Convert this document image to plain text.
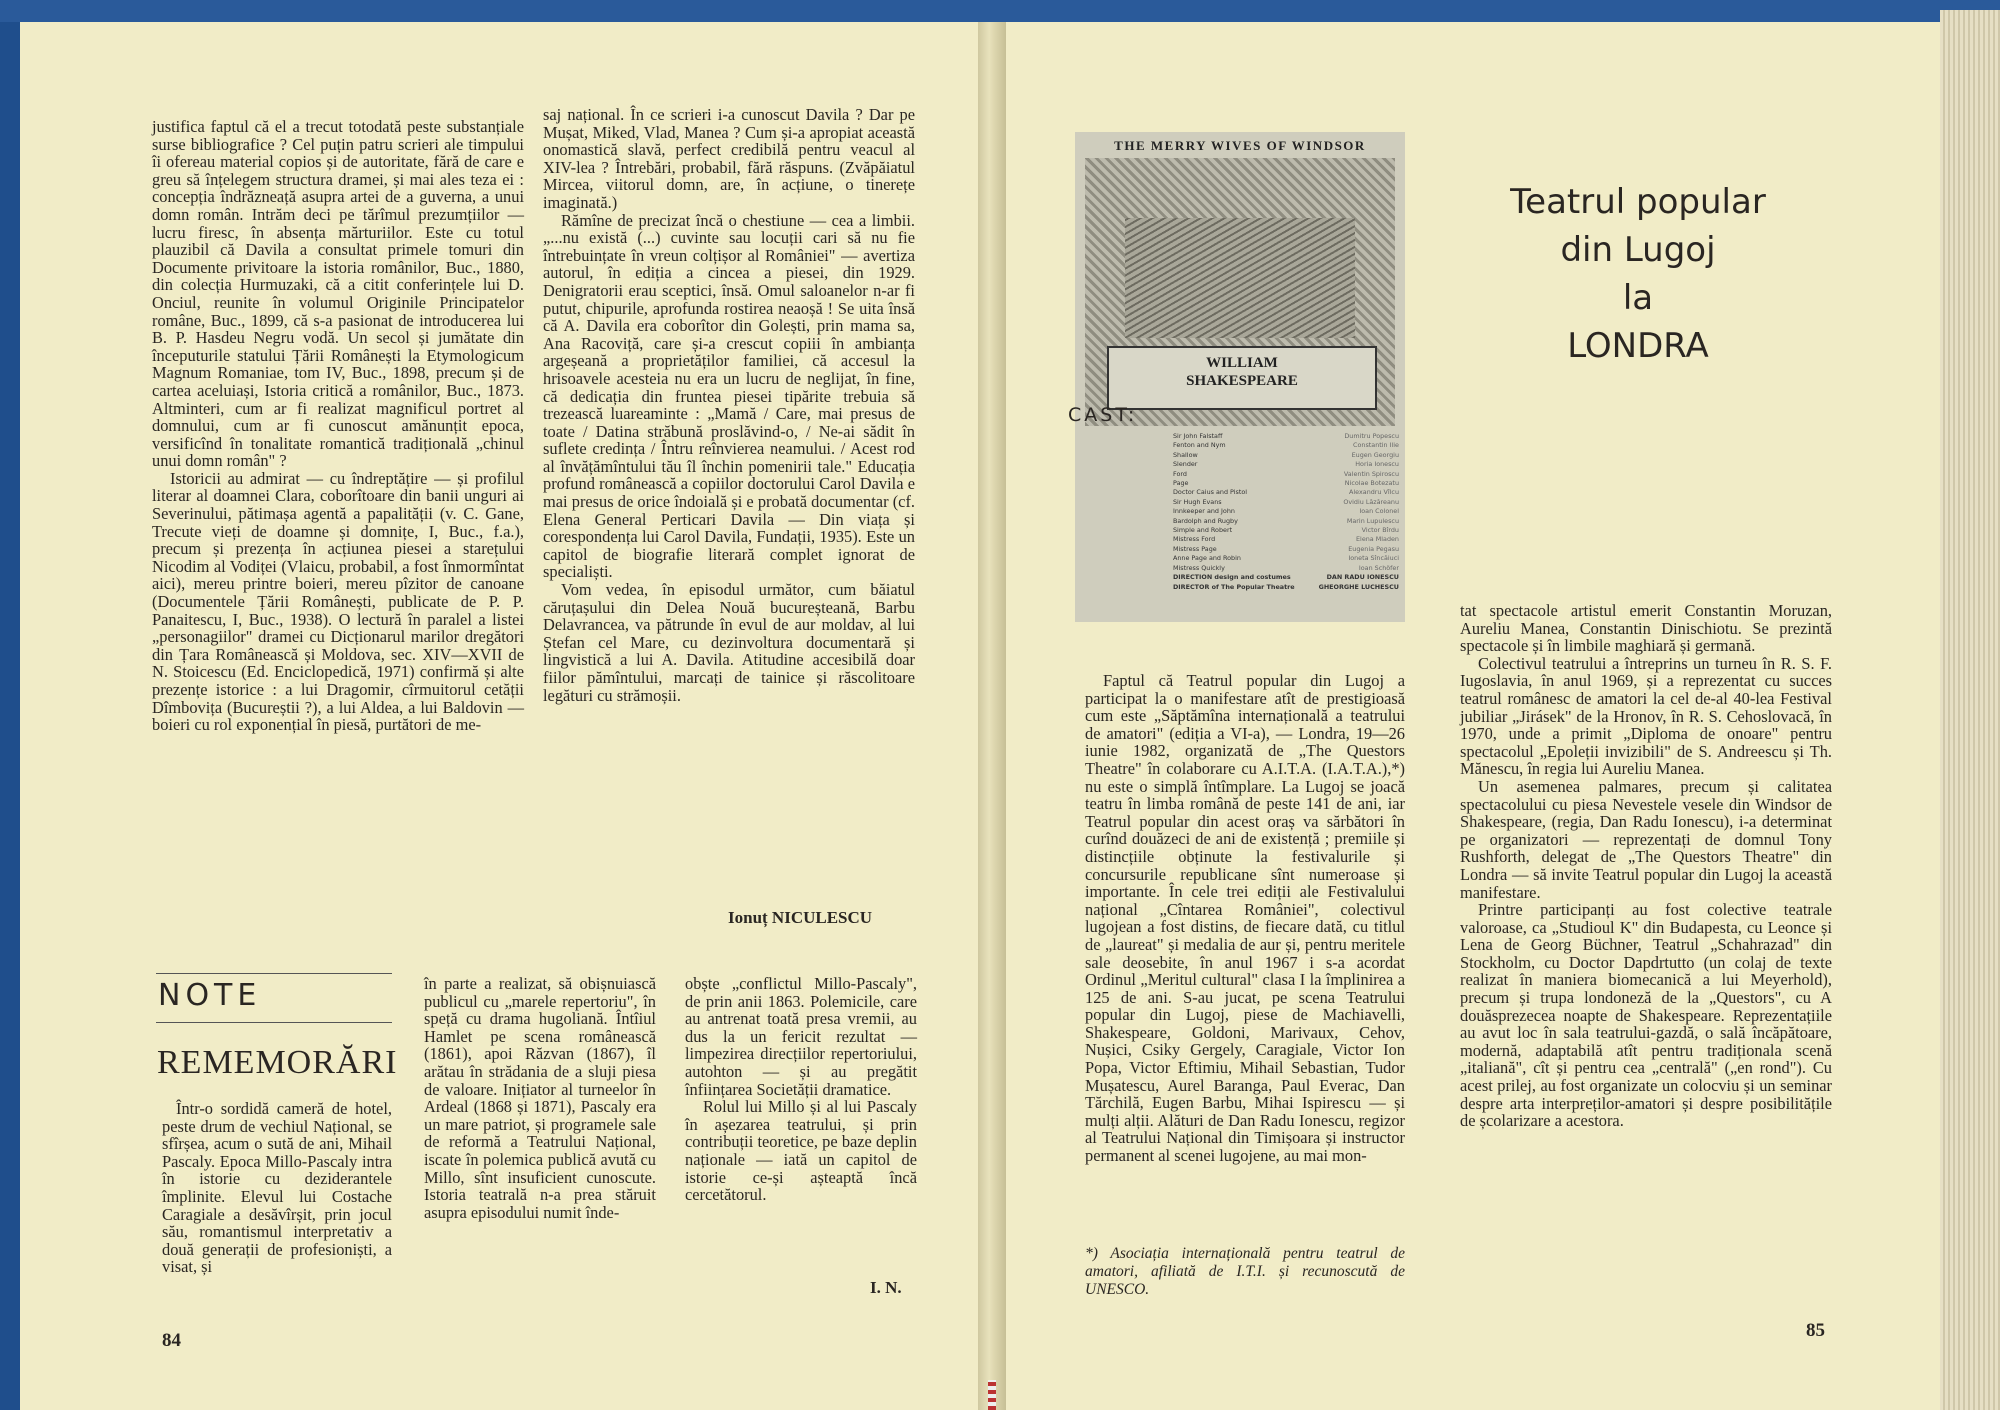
justifica faptul că el a trecut totodată peste substanțiale surse bibliografice ? Cel puțin patru scrieri ale timpului îi ofereau material copios și de autoritate, fără de care e greu să înțelegem structura dramei, și mai ales teza ei : concepția îndrăzneață asupra artei de a guverna, a unui domn român. Intrăm deci pe tărîmul prezumțiilor — lucru firesc, în absența mărturiilor. Este cu totul plauzibil că Davila a consultat primele tomuri din Documente privitoare la istoria românilor, Buc., 1880, din colecția Hurmuzaki, că a citit conferințele lui D. Onciul, reunite în volumul Originile Principatelor române, Buc., 1899, că s-a pasionat de introducerea lui B. P. Hasdeu Negru vodă. Un secol și jumătate din începuturile statului Țării Românești la Etymologicum Magnum Romaniae, tom IV, Buc., 1898, precum și de cartea aceluiași, Istoria critică a românilor, Buc., 1873. Altminteri, cum ar fi realizat magnificul portret al domnului, cum ar fi cunoscut amănunțit epoca, versificînd în tonalitate romantică tradițională „chinul unui domn român" ?

Istoricii au admirat — cu îndreptățire — și profilul literar al doamnei Clara, coborîtoare din banii unguri ai Severinului, pătimașa agentă a papalității (v. C. Gane, Trecute vieți de doamne și domnițe, I, Buc., f.a.), precum și prezența în acțiunea piesei a starețului Nicodim al Vodiței (Vlaicu, probabil, a fost înmormîntat aici), mereu printre boieri, mereu pîzitor de canoane (Documentele Țării Românești, publicate de P. P. Panaitescu, I, Buc., 1938). O lectură în paralel a listei „personagiilor" dramei cu Dicționarul marilor dregători din Țara Românească și Moldova, sec. XIV—XVII de N. Stoicescu (Ed. Enciclopedică, 1971) confirmă și alte prezențe istorice : a lui Dragomir, cîrmuitorul cetății Dîmbovița (Bucureștii ?), a lui Aldea, a lui Baldovin — boieri cu rol exponențial în piesă, purtători de me-

saj național. În ce scrieri i-a cunoscut Davila ? Dar pe Mușat, Miked, Vlad, Manea ? Cum și-a apropiat această onomastică slavă, perfect credibilă pentru veacul al XIV-lea ? Întrebări, probabil, fără răspuns. (Zvăpăiatul Mircea, viitorul domn, are, în acțiune, o tinerețe imaginată.)

Rămîne de precizat încă o chestiune — cea a limbii. „...nu există (...) cuvinte sau locuții cari să nu fie întrebuințate în vreun colțișor al României" — avertiza autorul, în ediția a cincea a piesei, din 1929. Denigratorii erau sceptici, însă. Omul saloanelor n-ar fi putut, chipurile, aprofunda rostirea neaoșă ! Se uita însă că A. Davila era coborîtor din Golești, prin mama sa, Ana Racoviță, care și-a crescut copiii în ambianța argeșeană a proprietăților familiei, că accesul la hrisoavele acesteia nu era un lucru de neglijat, în fine, că dedicația din fruntea piesei tipărite trebuia să trezească luareaminte : „Mamă / Care, mai presus de toate / Datina străbună proslăvind-o, / Ne-ai sădit în suflete credința / Întru reînvierea neamului. / Acest rod al învățămîntului tău îl închin pomenirii tale." Educația profund românească a copiilor doctorului Carol Davila e mai presus de orice îndoială și e probată documentar (cf. Elena General Perticari Davila — Din viața și corespondența lui Carol Davila, Fundații, 1935). Este un capitol de biografie literară complet ignorat de specialiști.

Vom vedea, în episodul următor, cum băiatul căruțașului din Delea Nouă bucureșteană, Barbu Delavrancea, va pătrunde în evul de aur moldav, al lui Ștefan cel Mare, cu dezinvoltura documentară și lingvistică a lui A. Davila. Atitudine accesibilă doar fiilor pămîntului, marcați de tainice și răscolitoare legături cu strămoșii.

Ionuț NICULESCU
NOTE
REMEMORĂRI
Într-o sordidă cameră de hotel, peste drum de vechiul Național, se sfîrșea, acum o sută de ani, Mihail Pascaly. Epoca Millo-Pascaly intra în istorie cu deziderantele împlinite. Elevul lui Costache Caragiale a desăvîrșit, prin jocul său, romantismul interpretativ a două generații de profesioniști, a visat, și
în parte a realizat, să obișnuiască publicul cu „marele repertoriu", în speță cu drama hugoliană. Întîiul Hamlet pe scena românească (1861), apoi Răzvan (1867), îl arătau în strădania de a sluji piesa de valoare. Inițiator al turneelor în Ardeal (1868 și 1871), Pascaly era un mare patriot, și programele sale de reformă a Teatrului Național, iscate în polemica publică avută cu Millo, sînt insuficient cunoscute. Istoria teatrală n-a prea stăruit asupra episodului numit înde-

obște „conflictul Millo-Pascaly", de prin anii 1863. Polemicile, care au antrenat toată presa vremii, au dus la un fericit rezultat — limpezirea direcțiilor repertoriului, autohton — și au pregătit înființarea Societății dramatice.

Rolul lui Millo și al lui Pascaly în așezarea teatrului, și prin contribuții teoretice, pe baze deplin naționale — iată un capitol de istorie ce-și așteaptă încă cercetătorul.

I. N.
84
THE MERRY WIVES OF WINDSOR
WILLIAM
SHAKESPEARE
Sir John Falstaff	Dumitru Popescu
Fenton and Nym	Constantin Ilie
Shallow	Eugen Georgiu
Slender	Horia Ionescu
Ford	Valentin Spiroscu
Page	Nicolae Botezatu
Doctor Caius and Pistol	Alexandru Vîlcu
Sir Hugh Evans	Ovidiu Lăzăreanu
Innkeeper and John	Ioan Colonel
Bardolph and Rugby	Marin Lupulescu
Simple and Robert	Victor Bîrdu
Mistress Ford	Elena Mladen
Mistress Page	Eugenia Pegasu
Anne Page and Robin	Ioneta Sîncăiuci
Mistress Quickly	Ioan Schöfer
DIRECTION design and costumes	DAN RADU IONESCU
DIRECTOR of The Popular Theatre	GHEORGHE LUCHESCU
CAST:
Teatrul popular
din Lugoj
la
LONDRA
Faptul că Teatrul popular din Lugoj a participat la o manifestare atît de prestigioasă cum este „Săptămîna internațională a teatrului de amatori" (ediția a VI-a), — Londra, 19—26 iunie 1982, organizată de „The Questors Theatre" în colaborare cu A.I.T.A. (I.A.T.A.),*) nu este o simplă întîmplare. La Lugoj se joacă teatru în limba română de peste 141 de ani, iar Teatrul popular din acest oraș va sărbători în curînd douăzeci de ani de existență ; premiile și distincțiile obținute la festivalurile și concursurile republicane sînt numeroase și importante. În cele trei ediții ale Festivalului național „Cîntarea României", colectivul lugojean a fost distins, de fiecare dată, cu titlul de „laureat" și medalia de aur și, pentru meritele sale deosebite, în anul 1967 i s-a acordat Ordinul „Meritul cultural" clasa I la împlinirea a 125 de ani. S-au jucat, pe scena Teatrului popular din Lugoj, piese de Machiavelli, Shakespeare, Goldoni, Marivaux, Cehov, Nușici, Csiky Gergely, Caragiale, Victor Ion Popa, Victor Eftimiu, Mihail Sebastian, Tudor Mușatescu, Aurel Baranga, Paul Everac, Dan Tărchilă, Eugen Barbu, Mihai Ispirescu — și mulți alții. Alături de Dan Radu Ionescu, regizor al Teatrului Național din Timișoara și instructor permanent al scenei lugojene, au mai mon-
*) Asociația internațională pentru teatrul de amatori, afiliată de I.T.I. și recunoscută de UNESCO.

tat spectacole artistul emerit Constantin Moruzan, Aureliu Manea, Constantin Dinischiotu. Se prezintă spectacole și în limbile maghiară și germană.

Colectivul teatrului a întreprins un turneu în R. S. F. Iugoslavia, în anul 1969, și a reprezentat cu succes teatrul românesc de amatori la cel de-al 40-lea Festival jubiliar „Jirásek" de la Hronov, în R. S. Cehoslovacă, în 1970, unde a primit „Diploma de onoare" pentru spectacolul „Epoleții invizibili" de S. Andreescu și Th. Mănescu, în regia lui Aureliu Manea.

Un asemenea palmares, precum și calitatea spectacolului cu piesa Nevestele vesele din Windsor de Shakespeare, (regia, Dan Radu Ionescu), i-a determinat pe organizatori — reprezentați de domnul Tony Rushforth, delegat de „The Questors Theatre" din Londra — să invite Teatrul popular din Lugoj la această manifestare.

Printre participanți au fost colective teatrale valoroase, ca „Studioul K" din Budapesta, cu Leonce și Lena de Georg Büchner, Teatrul „Schahrazad" din Stockholm, cu Doctor Dapdrtutto (un colaj de texte realizat în maniera biomecanică a lui Meyerhold), precum și trupa londoneză de la „Questors", cu A douăsprezecea noapte de Shakespeare. Reprezentațiile au avut loc în sala teatrului-gazdă, o sală încăpătoare, modernă, adaptabilă atît pentru tradiționala scenă „italiană", cît și pentru cea „centrală" („en rond"). Cu acest prilej, au fost organizate un colocviu și un seminar despre arta interpreților-amatori și despre posibilitățile de școlarizare a acestora.

85
